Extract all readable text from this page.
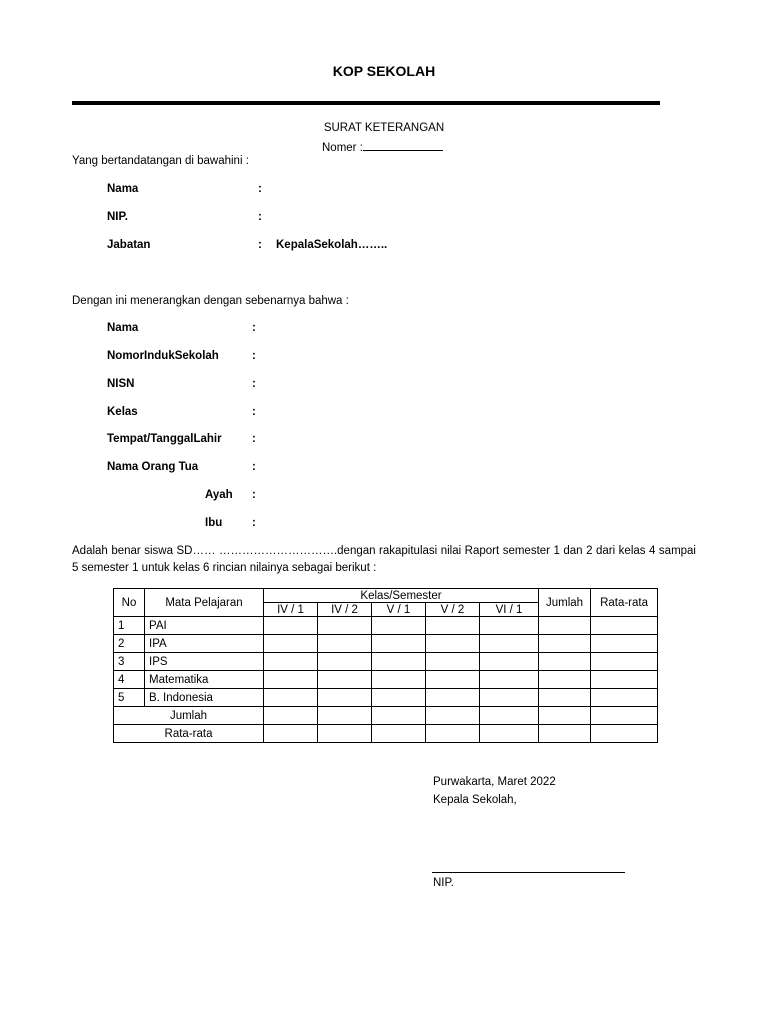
KOP SEKOLAH
SURAT KETERANGAN
Nomer :
Yang bertandatangan di bawahini :
Nama	:
NIP.	:
Jabatan	: KepalaSekolah……..
Dengan ini menerangkan dengan sebenarnya bahwa :
Nama	:
NomorIndukSekolah	:
NISN	:
Kelas	:
Tempat/TanggalLahir	:
Nama Orang Tua	:
Ayah :
Ibu	:
Adalah benar siswa SD…… ………………………….dengan rakapitulasi nilai Raport semester 1 dan 2 dari kelas 4 sampai 5 semester 1 untuk kelas 6 rincian nilainya sebagai berikut :
No	Mata Pelajaran	Kelas/Semester					Jumlah	Rata-rata
		IV / 1	IV / 2	V / 1	V / 2	VI / 1		
1	PAI							
2	IPA							
3	IPS							
4	Matematika							
5	B. Indonesia							
Jumlah								
Rata-rata								
Purwakarta, Maret 2022
Kepala Sekolah,
NIP.
